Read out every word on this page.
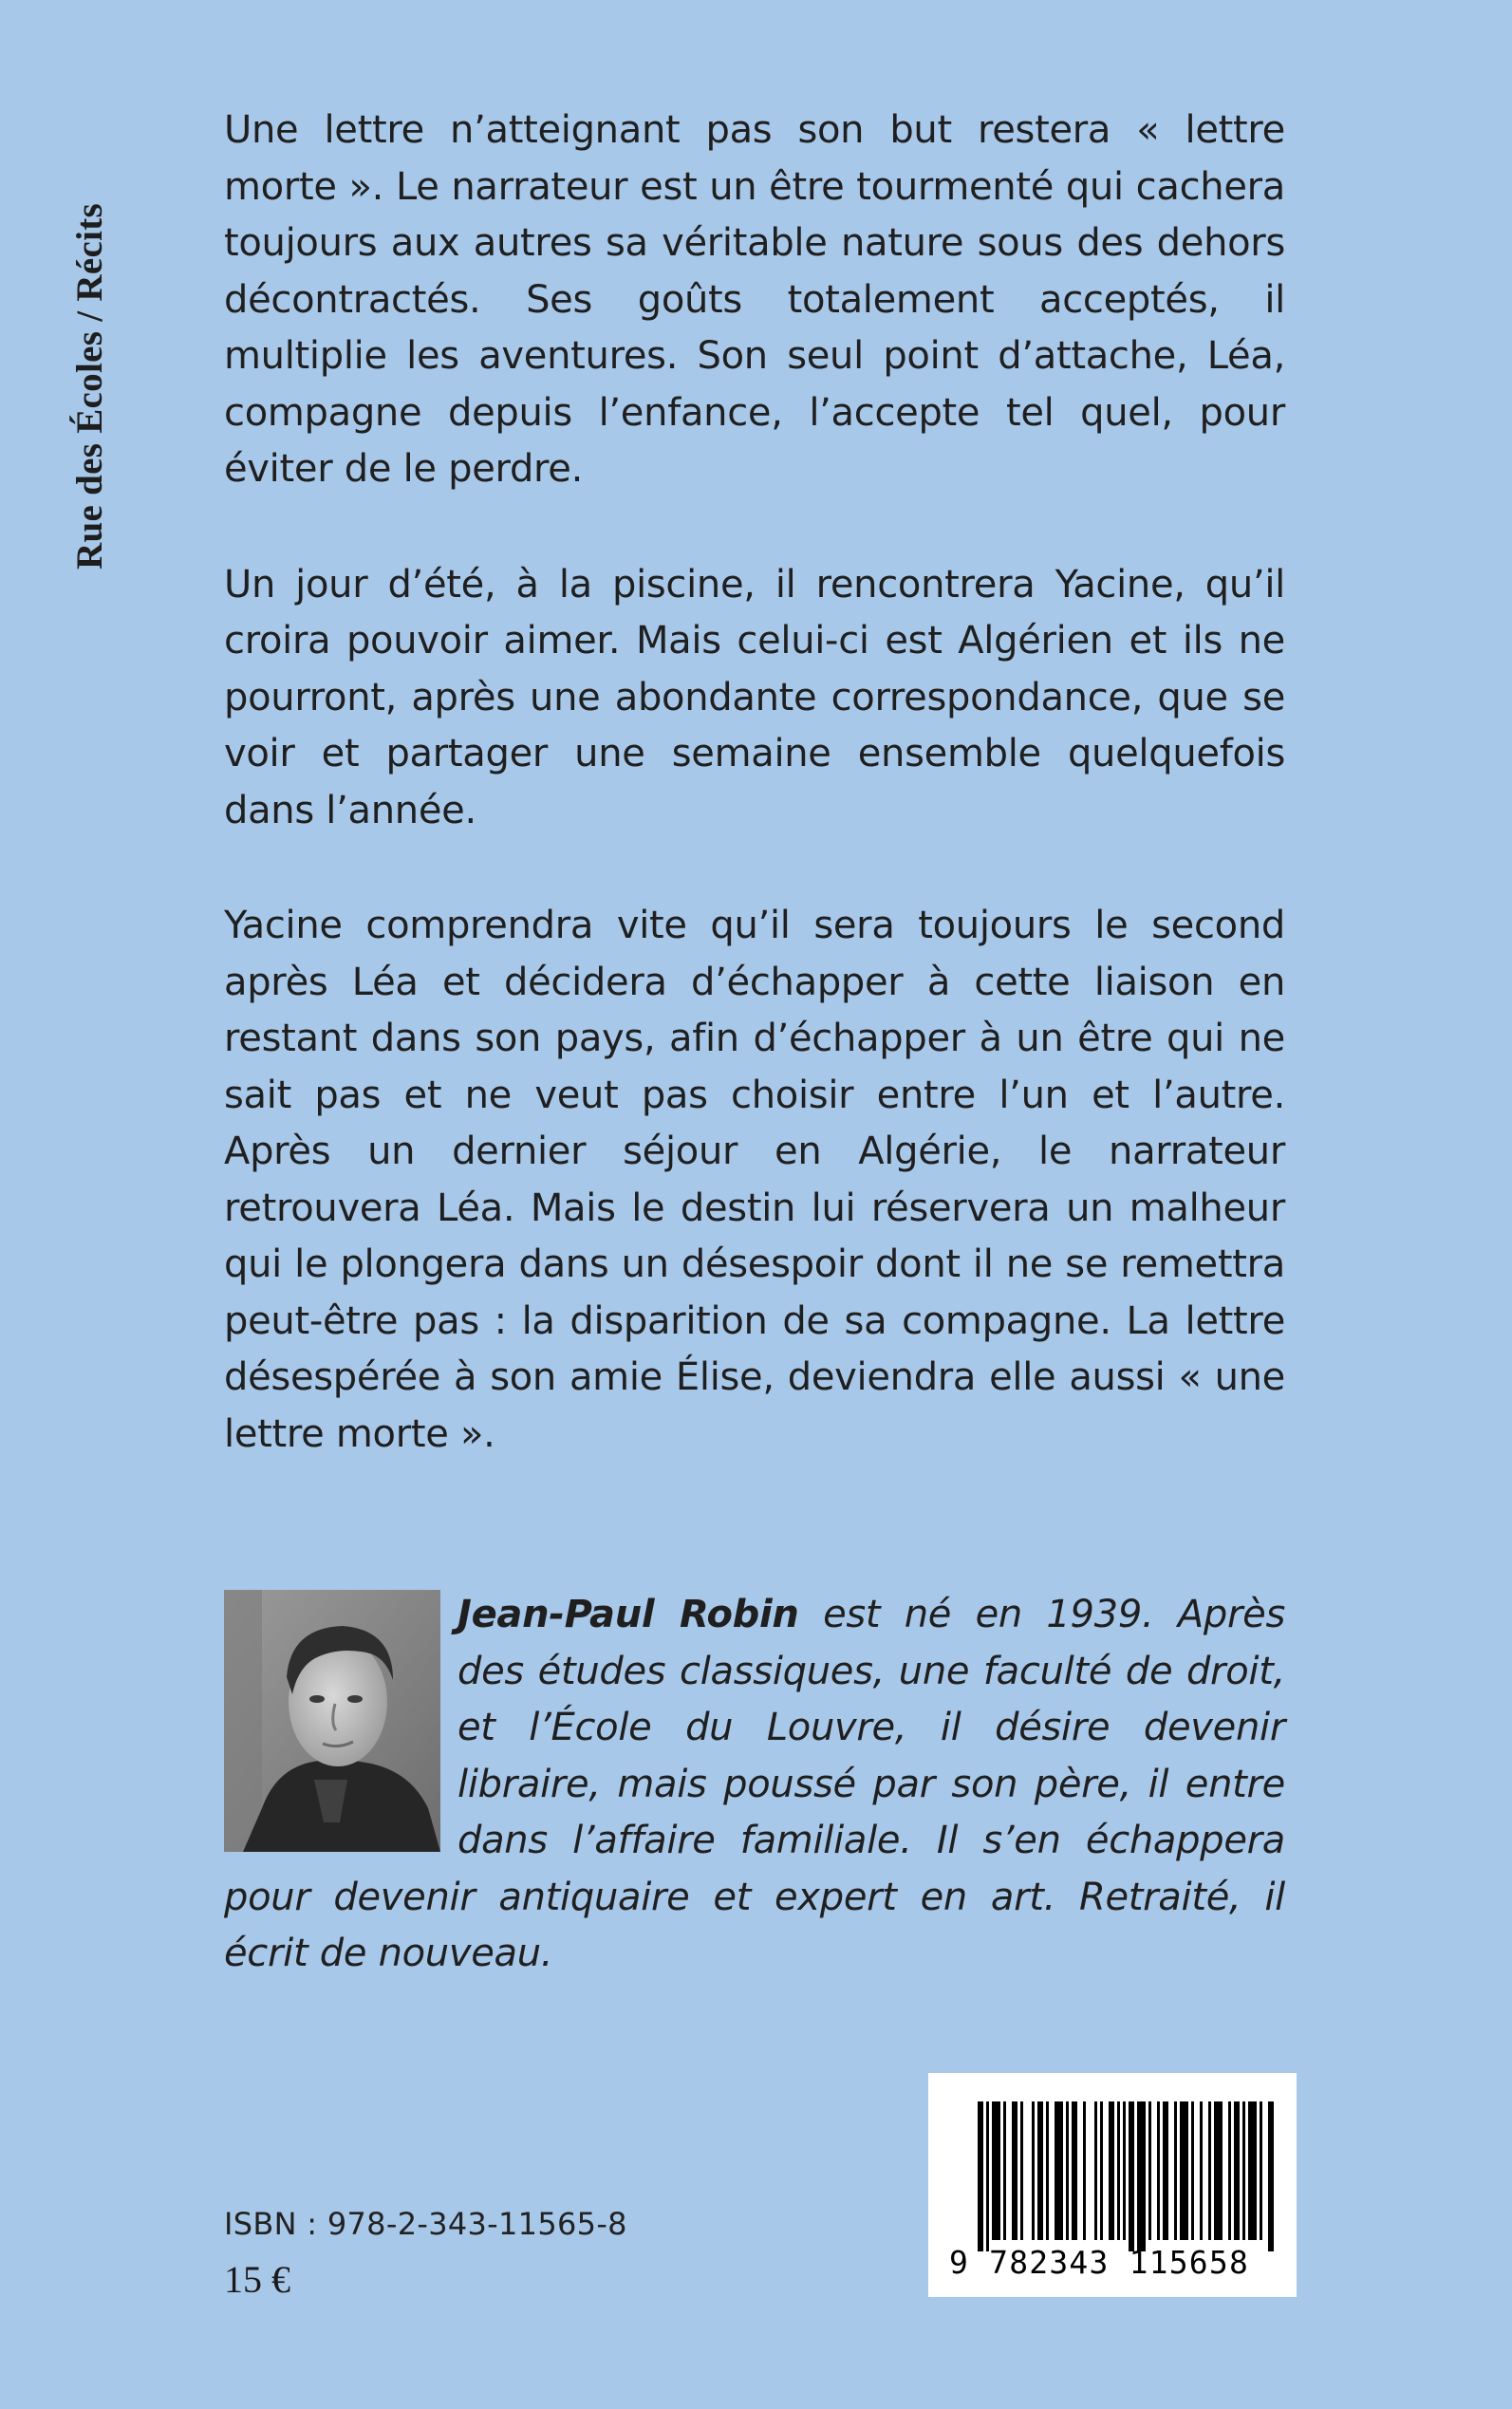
Rue des Écoles / Récits

Une lettre n’atteignant pas son but restera « lettre morte ». Le narrateur est un être tourmenté qui cachera toujours aux autres sa véritable nature sous des dehors décontractés. Ses goûts totalement acceptés, il multiplie les aventures. Son seul point d’attache, Léa, compagne depuis l’enfance, l’accepte tel quel, pour éviter de le perdre.

Un jour d’été, à la piscine, il rencontrera Yacine, qu’il croira pouvoir aimer. Mais celui-ci est Algérien et ils ne pourront, après une abondante correspondance, que se voir et partager une semaine ensemble quelquefois dans l’année.

Yacine comprendra vite qu’il sera toujours le second après Léa et décidera d’échapper à cette liaison en restant dans son pays, afin d’échapper à un être qui ne sait pas et ne veut pas choisir entre l’un et l’autre. Après un dernier séjour en Algérie, le narrateur retrouvera Léa. Mais le destin lui réservera un malheur qui le plongera dans un désespoir dont il ne se remettra peut-être pas : la disparition de sa compagne. La lettre désespérée à son amie Élise, deviendra elle aussi « une lettre morte ».

Jean-Paul Robin est né en 1939. Après des études classiques, une faculté de droit, et l’École du Louvre, il désire devenir libraire, mais poussé par son père, il entre dans l’affaire familiale. Il s’en échappera pour devenir antiquaire et expert en art. Retraité, il écrit de nouveau.
ISBN : 978-2-343-11565-8
15 €	9 782343 115658
